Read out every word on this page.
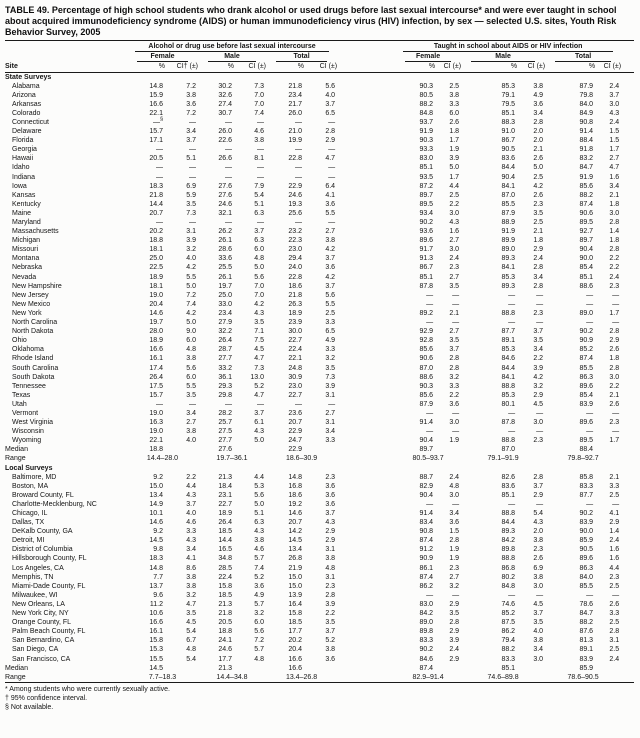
TABLE 49. Percentage of high school students who drank alcohol or used drugs before last sexual intercourse* and were ever taught in school about acquired immunodeficiency syndrome (AIDS) or human immunodeficiency virus (HIV) infection, by sex — selected U.S. sites, Youth Risk Behavior Survey, 2005

	Alcohol or drug use before last sexual intercourse							Taught in school about AIDS or HIV infection						

	Female		Male		Total			Female		Male		Total		

Site	%	CI† (±)	%	CI (±)	%	CI (±)		%	CI (±)	%	CI (±)	%	CI (±)	
State Surveys														
Alabama	14.8	7.2	30.2	7.3	21.8	5.6		90.3	2.5	85.3	3.8	87.9	2.4	
Arizona	15.9	3.8	32.6	7.0	23.4	4.0		80.5	3.8	79.1	4.9	79.8	3.7	
Arkansas	16.6	3.6	27.4	7.0	21.7	3.7		88.2	3.3	79.5	3.6	84.0	3.0	
Colorado	22.1	7.2	30.7	7.4	26.0	6.5		84.8	6.0	85.1	3.4	84.9	4.3	
Connecticut	—§	—	—	—	—	—		93.7	2.6	88.3	2.8	90.8	2.4	
Delaware	15.7	3.4	26.0	4.6	21.0	2.8		91.9	1.8	91.0	2.0	91.4	1.5	
Florida	17.1	3.7	22.6	3.8	19.9	2.9		90.3	1.7	86.7	2.0	88.4	1.5	
Georgia	—	—	—	—	—	—		93.3	1.9	90.5	2.1	91.8	1.7	
Hawaii	20.5	5.1	26.6	8.1	22.8	4.7		83.0	3.9	83.6	2.6	83.2	2.7	
Idaho	—	—	—	—	—	—		85.1	5.0	84.4	5.0	84.7	4.7	
Indiana	—	—	—	—	—	—		93.5	1.7	90.4	2.5	91.9	1.6	
Iowa	18.3	6.9	27.6	7.9	22.9	6.4		87.2	4.4	84.1	4.2	85.6	3.4	
Kansas	21.8	5.9	27.6	5.4	24.6	4.1		89.7	2.5	87.0	2.6	88.2	2.1	
Kentucky	14.4	3.5	24.6	5.1	19.3	3.6		89.5	2.2	85.5	2.3	87.4	1.8	
Maine	20.7	7.3	32.1	6.3	25.6	5.5		93.4	3.0	87.9	3.5	90.6	3.0	
Maryland	—	—	—	—	—	—		90.2	4.3	88.9	2.5	89.5	2.8	
Massachusetts	20.2	3.1	26.2	3.7	23.2	2.7		93.6	1.6	91.9	2.1	92.7	1.4	
Michigan	18.8	3.9	26.1	6.3	22.3	3.8		89.6	2.7	89.9	1.8	89.7	1.8	
Missouri	18.1	3.2	28.6	6.0	23.0	4.2		91.7	3.0	89.0	2.9	90.4	2.8	
Montana	25.0	4.0	33.6	4.8	29.4	3.7		91.3	2.4	89.3	2.4	90.0	2.2	
Nebraska	22.5	4.2	25.5	5.0	24.0	3.6		86.7	2.3	84.1	2.8	85.4	2.2	
Nevada	18.9	5.5	26.1	5.6	22.8	4.2		85.1	2.7	85.3	3.4	85.1	2.4	
New Hampshire	18.1	5.0	19.7	7.0	18.6	3.7		87.8	3.5	89.3	2.8	88.6	2.3	
New Jersey	19.0	7.2	25.0	7.0	21.8	5.6		—	—	—	—	—	—	
New Mexico	20.4	7.4	33.0	4.2	26.3	5.5		—	—	—	—	—	—	
New York	14.6	4.2	23.4	4.3	18.9	2.5		89.2	2.1	88.8	2.3	89.0	1.7	
North Carolina	19.7	5.0	27.9	3.5	23.9	3.3		—	—	—	—	—	—	
North Dakota	28.0	9.0	32.2	7.1	30.0	6.5		92.9	2.7	87.7	3.7	90.2	2.8	
Ohio	18.9	6.0	26.4	7.5	22.7	4.9		92.8	3.5	89.1	3.5	90.9	2.9	
Oklahoma	16.6	4.8	28.7	4.5	22.4	3.3		85.6	3.7	85.3	3.4	85.2	2.6	
Rhode Island	16.1	3.8	27.7	4.7	22.1	3.2		90.6	2.8	84.6	2.2	87.4	1.8	
South Carolina	17.4	5.6	33.2	7.3	24.8	3.5		87.0	2.8	84.4	3.9	85.5	2.8	
South Dakota	26.4	6.0	36.1	13.0	30.9	7.3		88.6	3.2	84.1	4.2	86.3	3.0	
Tennessee	17.5	5.5	29.3	5.2	23.0	3.9		90.3	3.3	88.8	3.2	89.6	2.2	
Texas	15.7	3.5	29.8	4.7	22.7	3.1		85.6	2.2	85.3	2.9	85.4	2.1	
Utah	—	—	—	—	—	—		87.9	3.6	80.1	4.5	83.9	2.6	
Vermont	19.0	3.4	28.2	3.7	23.6	2.7		—	—	—	—	—	—	
West Virginia	16.3	2.7	25.7	6.1	20.7	3.1		91.4	3.0	87.8	3.0	89.6	2.3	
Wisconsin	19.0	3.8	27.5	4.3	22.9	3.4		—	—	—	—	—	—	
Wyoming	22.1	4.0	27.7	5.0	24.7	3.3		90.4	1.9	88.8	2.3	89.5	1.7	
Median	18.8		27.6		22.9			89.7		87.0		88.4		
Range	14.4–28.0		19.7–36.1		18.6–30.9			80.5–93.7		79.1–91.9		79.8–92.7		
Local Surveys														
Baltimore, MD	9.2	2.2	21.3	4.4	14.8	2.3		88.7	2.4	82.6	2.8	85.8	2.1	
Boston, MA	15.0	4.4	18.4	5.3	16.8	3.6		82.9	4.8	83.6	3.7	83.3	3.3	
Broward County, FL	13.4	4.3	23.1	5.6	18.6	3.6		90.4	3.0	85.1	2.9	87.7	2.5	
Charlotte-Mecklenburg, NC	14.9	3.7	22.7	5.0	19.2	3.6		—	—	—	—	—	—	
Chicago, IL	10.1	4.0	18.9	5.1	14.6	3.7		91.4	3.4	88.8	5.4	90.2	4.1	
Dallas, TX	14.6	4.6	26.4	6.3	20.7	4.3		83.4	3.6	84.4	4.3	83.9	2.9	
DeKalb County, GA	9.2	3.3	18.5	4.3	14.2	2.9		90.8	1.5	89.3	2.0	90.0	1.4	
Detroit, MI	14.5	4.3	14.4	3.8	14.5	2.9		87.4	2.8	84.2	3.8	85.9	2.4	
District of Columbia	9.8	3.4	16.5	4.6	13.4	3.1		91.2	1.9	89.8	2.3	90.5	1.6	
Hillsborough County, FL	18.3	4.1	34.8	5.7	26.8	3.8		90.9	1.9	88.8	2.6	89.6	1.6	
Los Angeles, CA	14.8	8.6	28.5	7.4	21.9	4.8		86.1	2.3	86.8	6.9	86.3	4.4	
Memphis, TN	7.7	3.8	22.4	5.2	15.0	3.1		87.4	2.7	80.2	3.8	84.0	2.3	
Miami-Dade County, FL	13.7	3.8	15.8	3.6	15.0	2.3		86.2	3.2	84.8	3.0	85.5	2.5	
Milwaukee, WI	9.6	3.2	18.5	4.9	13.9	2.8		—	—	—	—	—	—	
New Orleans, LA	11.2	4.7	21.3	5.7	16.4	3.9		83.0	2.9	74.6	4.5	78.6	2.6	
New York City, NY	10.6	3.5	21.8	3.2	15.8	2.2		84.2	3.5	85.2	3.7	84.7	3.3	
Orange County, FL	16.6	4.5	20.5	6.0	18.5	3.5		89.0	2.8	87.5	3.5	88.2	2.5	
Palm Beach County, FL	16.1	5.4	18.8	5.6	17.7	3.7		89.8	2.9	86.2	4.0	87.6	2.8	
San Bernardino, CA	15.8	6.7	24.1	7.2	20.2	5.2		83.3	3.9	79.4	3.8	81.3	3.1	
San Diego, CA	15.3	4.8	24.6	5.7	20.4	3.8		90.2	2.4	88.2	3.4	89.1	2.5	
San Francisco, CA	15.5	5.4	17.7	4.8	16.6	3.6		84.6	2.9	83.3	3.0	83.9	2.4	
Median	14.5		21.3		16.6			87.4		85.1		85.9		
Range	7.7–18.3		14.4–34.8		13.4–26.8			82.9–91.4		74.6–89.8		78.6–90.5		
* Among students who were currently sexually active.
† 95% confidence interval.
§ Not available.
